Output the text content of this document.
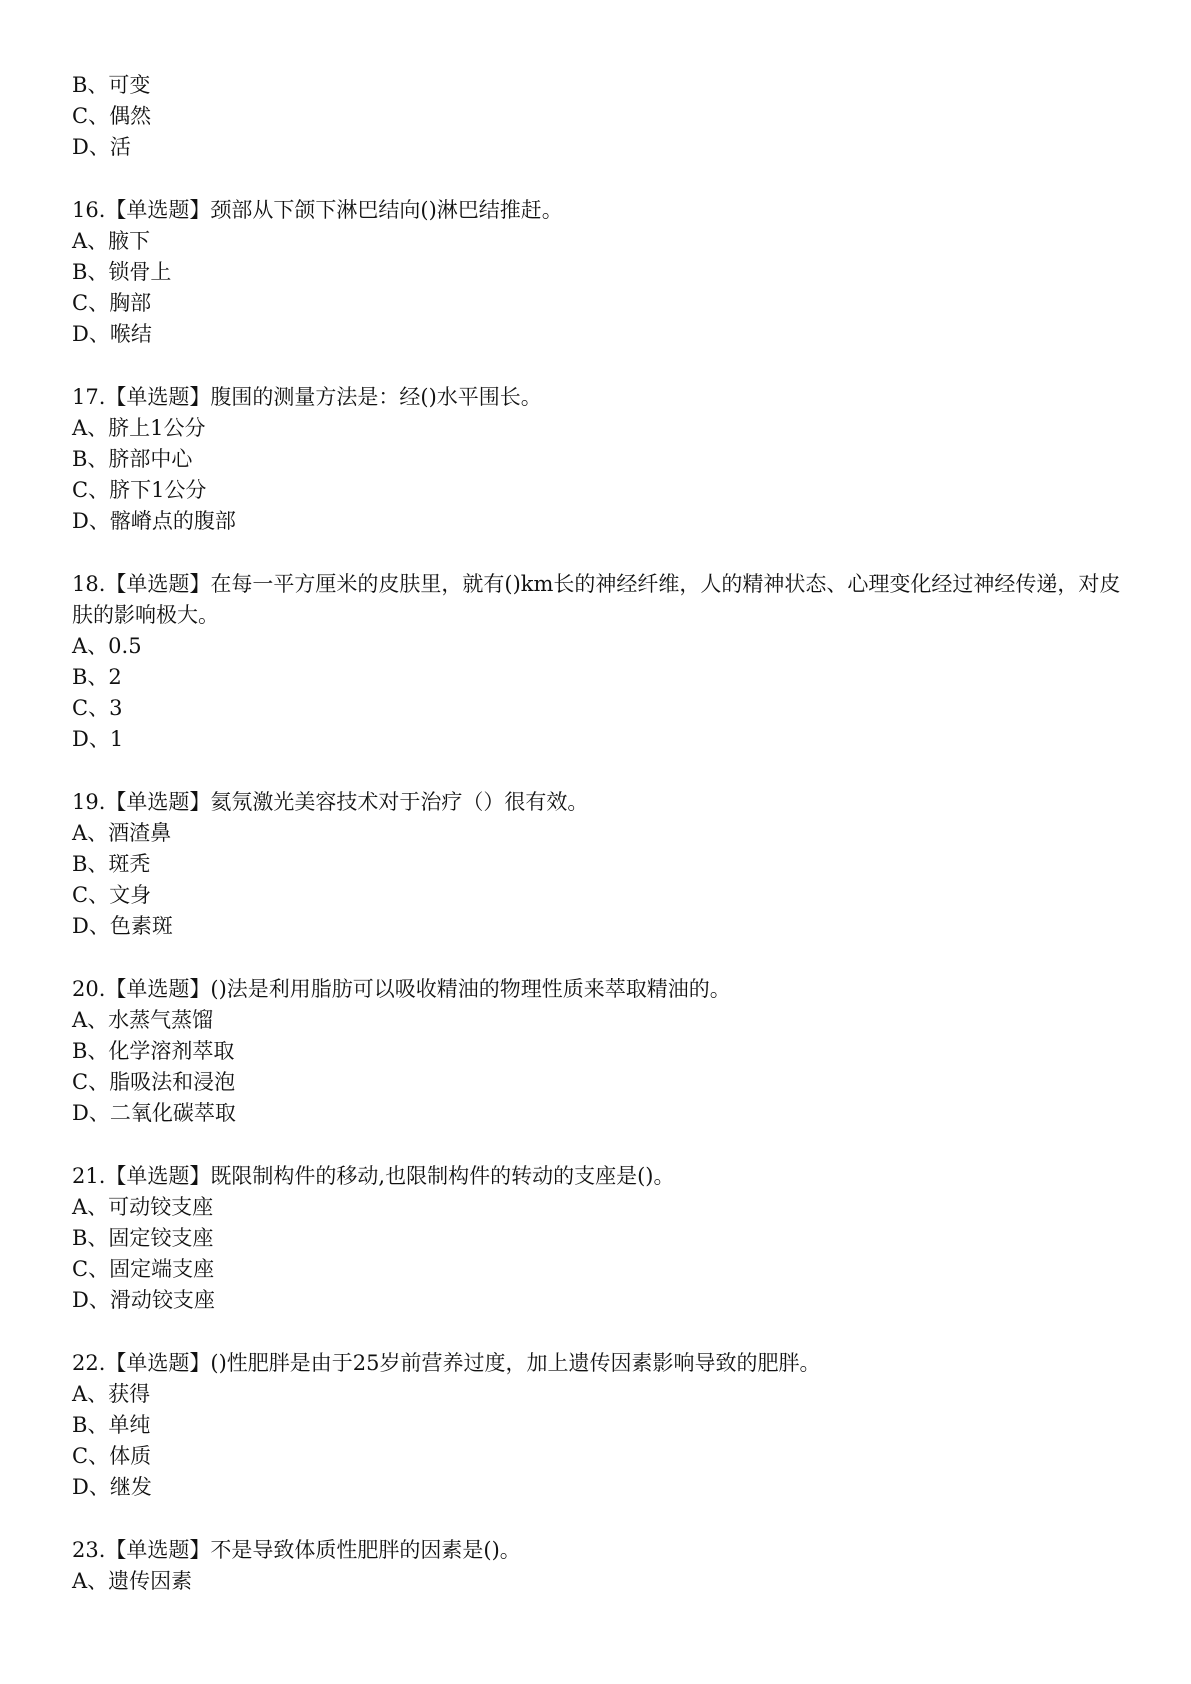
B、可变
C、偶然
D、活
16.【单选题】颈部从下颌下淋巴结向()淋巴结推赶。
A、腋下
B、锁骨上
C、胸部
D、喉结
17.【单选题】腹围的测量方法是：经()水平围长。
A、脐上1公分
B、脐部中心
C、脐下1公分
D、髂嵴点的腹部
18.【单选题】在每一平方厘米的皮肤里，就有()km长的神经纤维，人的精神状态、心理变化经过神经传递，对皮肤的影响极大。
A、0.5
B、2
C、3
D、1
19.【单选题】氦氖激光美容技术对于治疗（）很有效。
A、酒渣鼻
B、斑秃
C、文身
D、色素斑
20.【单选题】()法是利用脂肪可以吸收精油的物理性质来萃取精油的。
A、水蒸气蒸馏
B、化学溶剂萃取
C、脂吸法和浸泡
D、二氧化碳萃取
21.【单选题】既限制构件的移动,也限制构件的转动的支座是()。
A、可动铰支座
B、固定铰支座
C、固定端支座
D、滑动铰支座
22.【单选题】()性肥胖是由于25岁前营养过度，加上遗传因素影响导致的肥胖。
A、获得
B、单纯
C、体质
D、继发
23.【单选题】不是导致体质性肥胖的因素是()。
A、遗传因素
